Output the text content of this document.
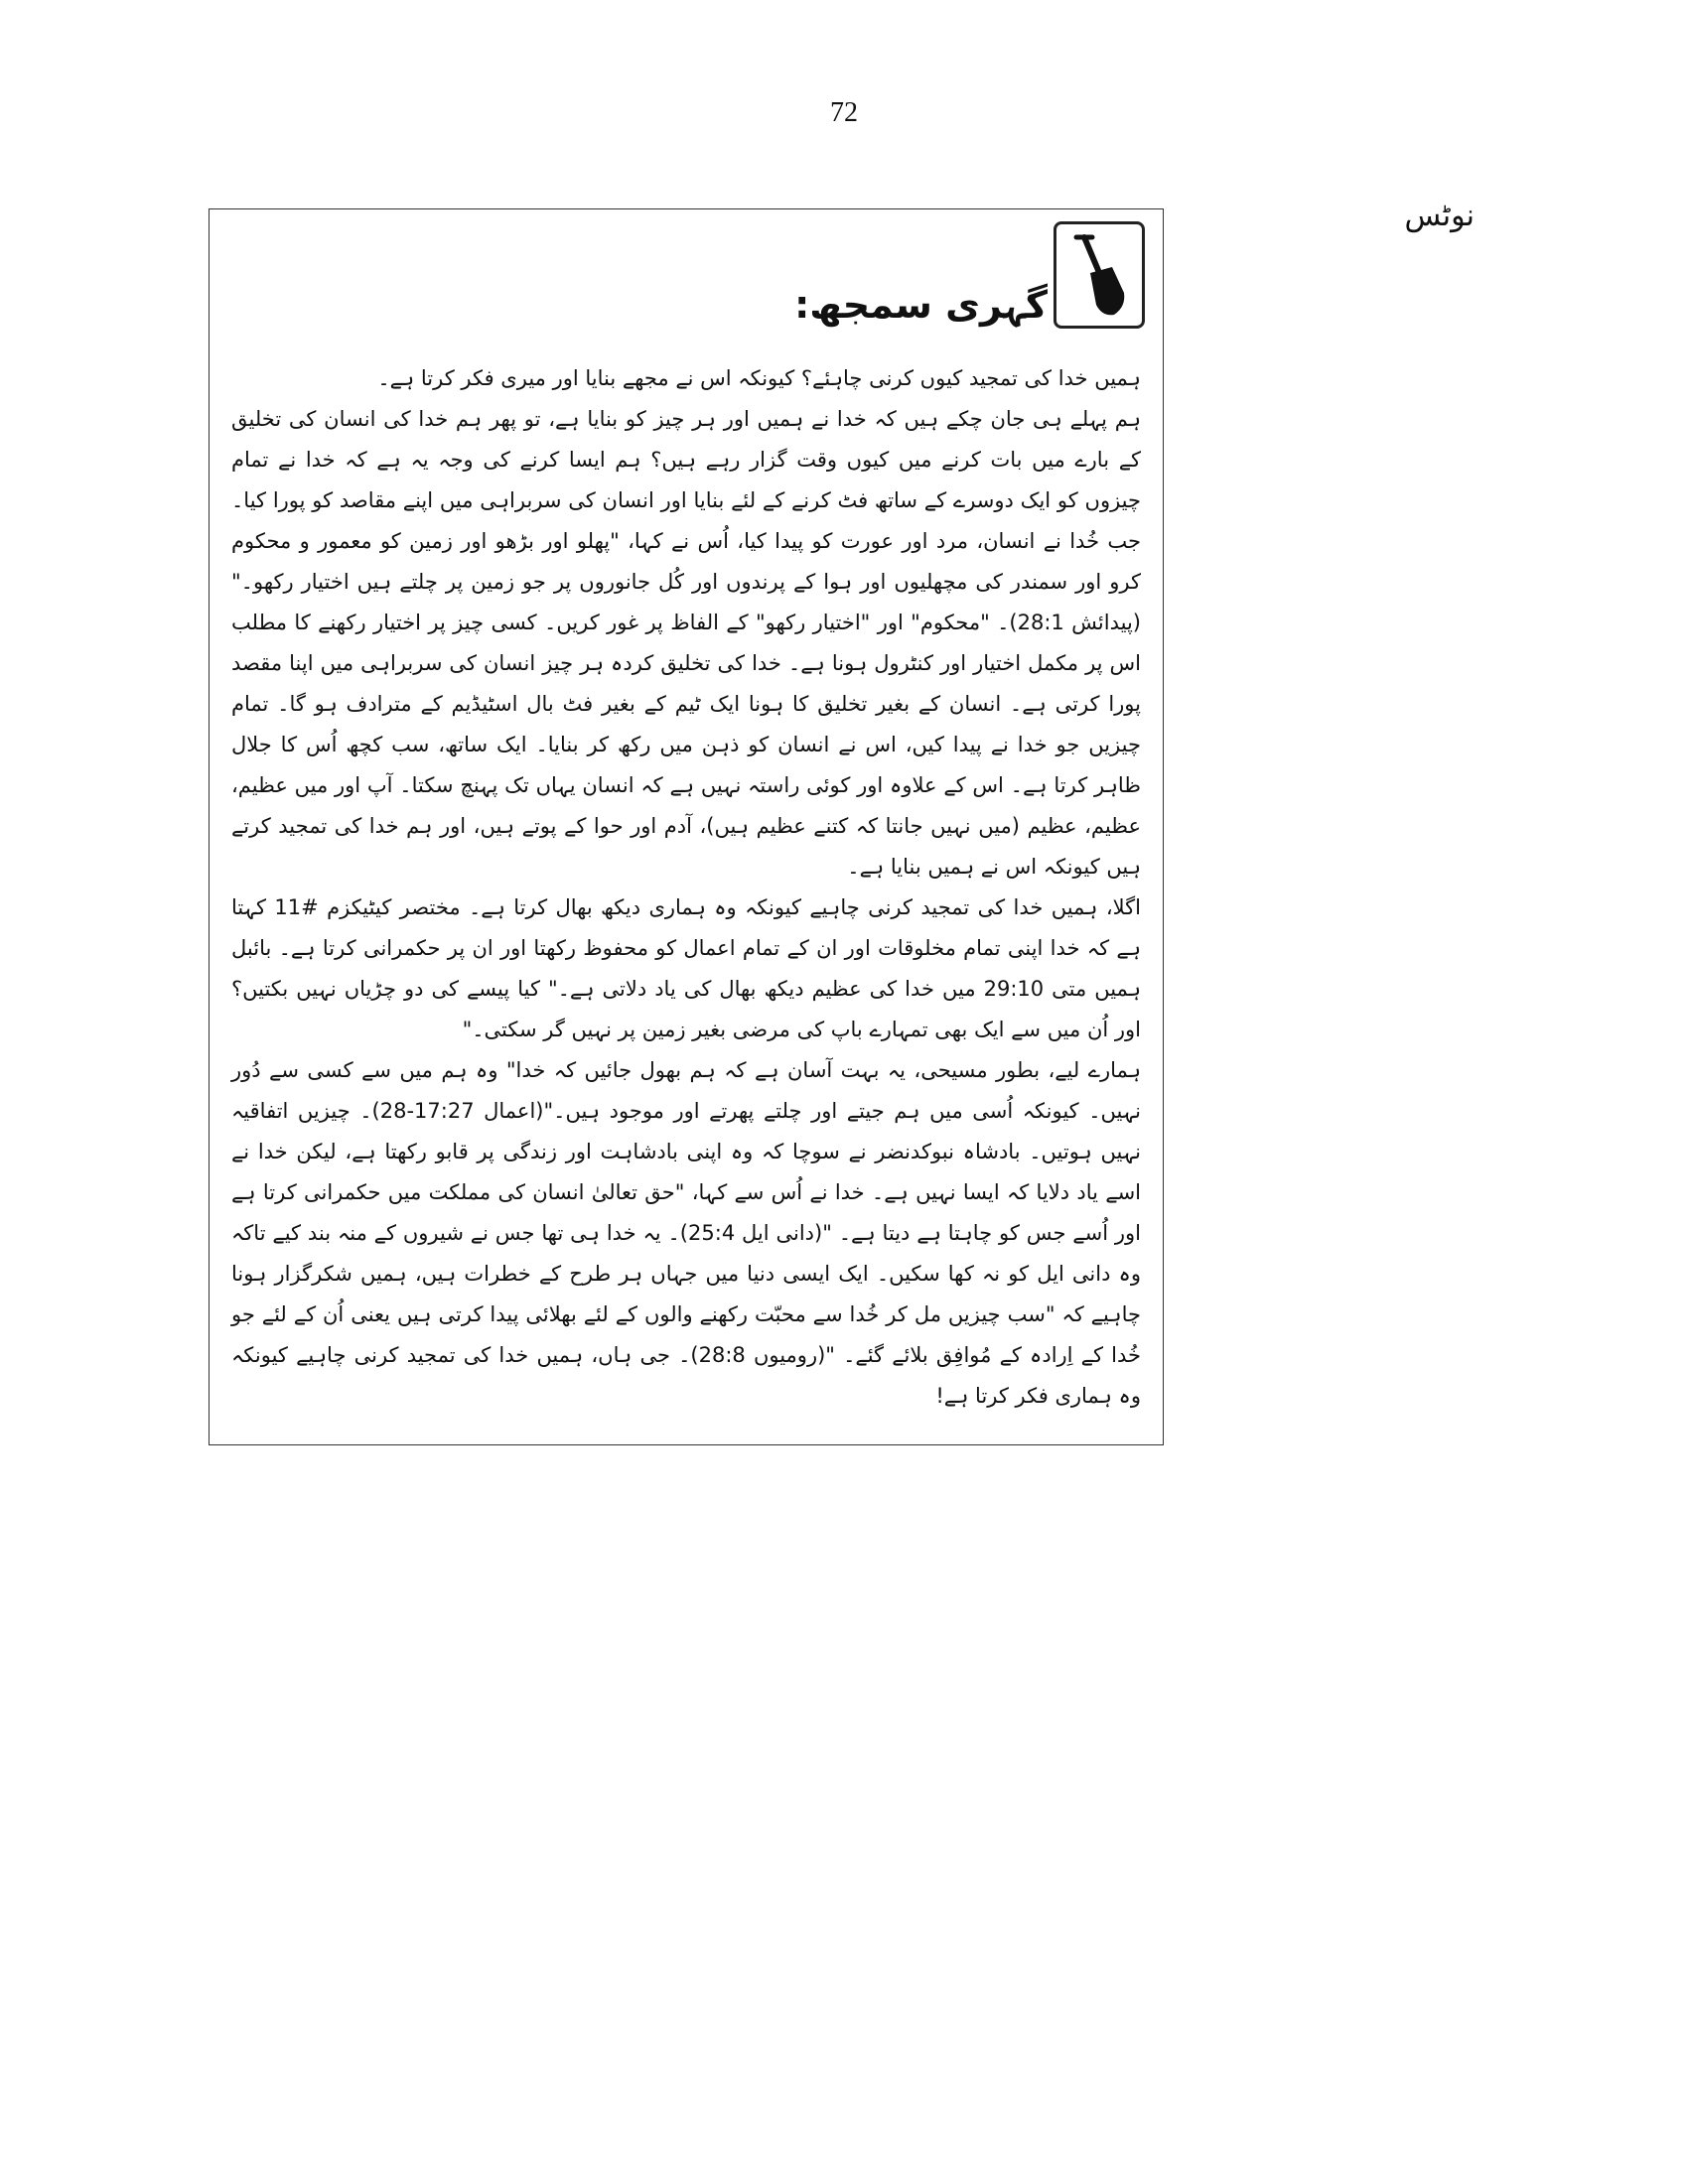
72
نوٹس
گہری سمجھ:

ہمیں خدا کی تمجید کیوں کرنی چاہئے؟ کیونکہ اس نے مجھے بنایا اور میری فکر کرتا ہے۔

ہم پہلے ہی جان چکے ہیں کہ خدا نے ہمیں اور ہر چیز کو بنایا ہے، تو پھر ہم خدا کی انسان کی تخلیق کے بارے میں بات کرنے میں کیوں وقت گزار رہے ہیں؟ ہم ایسا کرنے کی وجہ یہ ہے کہ خدا نے تمام چیزوں کو ایک دوسرے کے ساتھ فٹ کرنے کے لئے بنایا اور انسان کی سربراہی میں اپنے مقاصد کو پورا کیا۔ جب خُدا نے انسان، مرد اور عورت کو پیدا کیا، اُس نے کہا، "پھلو اور بڑھو اور زمین کو معمور و محکوم کرو اور سمندر کی مچھلیوں اور ہوا کے پرندوں اور کُل جانوروں پر جو زمین پر چلتے ہیں اختیار رکھو۔" (پیدائش 28:1)۔ "محکوم" اور "اختیار رکھو" کے الفاظ پر غور کریں۔ کسی چیز پر اختیار رکھنے کا مطلب اس پر مکمل اختیار اور کنٹرول ہونا ہے۔ خدا کی تخلیق کردہ ہر چیز انسان کی سربراہی میں اپنا مقصد پورا کرتی ہے۔ انسان کے بغیر تخلیق کا ہونا ایک ٹیم کے بغیر فٹ بال اسٹیڈیم کے مترادف ہو گا۔ تمام چیزیں جو خدا نے پیدا کیں، اس نے انسان کو ذہن میں رکھ کر بنایا۔ ایک ساتھ، سب کچھ اُس کا جلال ظاہر کرتا ہے۔ اس کے علاوہ اور کوئی راستہ نہیں ہے کہ انسان یہاں تک پہنچ سکتا۔ آپ اور میں عظیم، عظیم، عظیم (میں نہیں جانتا کہ کتنے عظیم ہیں)، آدم اور حوا کے پوتے ہیں، اور ہم خدا کی تمجید کرتے ہیں کیونکہ اس نے ہمیں بنایا ہے۔

اگلا، ہمیں خدا کی تمجید کرنی چاہیے کیونکہ وہ ہماری دیکھ بھال کرتا ہے۔ مختصر کیٹیکزم #11 کہتا ہے کہ خدا اپنی تمام مخلوقات اور ان کے تمام اعمال کو محفوظ رکھتا اور ان پر حکمرانی کرتا ہے۔ بائبل ہمیں متی 29:10 میں خدا کی عظیم دیکھ بھال کی یاد دلاتی ہے۔" کیا پیسے کی دو چڑیاں نہیں بکتیں؟ اور اُن میں سے ایک بھی تمہارے باپ کی مرضی بغیر زمین پر نہیں گر سکتی۔"

ہمارے لیے، بطور مسیحی، یہ بہت آسان ہے کہ ہم بھول جائیں کہ خدا" وہ ہم میں سے کسی سے دُور نہیں۔ کیونکہ اُسی میں ہم جیتے اور چلتے پھرتے اور موجود ہیں۔"(اعمال 17:27-28)۔ چیزیں اتفاقیہ نہیں ہوتیں۔ بادشاہ نبوکدنضر نے سوچا کہ وہ اپنی بادشاہت اور زندگی پر قابو رکھتا ہے، لیکن خدا نے اسے یاد دلایا کہ ایسا نہیں ہے۔ خدا نے اُس سے کہا، "حق تعالیٰ انسان کی مملکت میں حکمرانی کرتا ہے اور اُسے جس کو چاہتا ہے دیتا ہے۔ "(دانی ایل 25:4)۔ یہ خدا ہی تھا جس نے شیروں کے منہ بند کیے تاکہ وہ دانی ایل کو نہ کھا سکیں۔ ایک ایسی دنیا میں جہاں ہر طرح کے خطرات ہیں، ہمیں شکرگزار ہونا چاہیے کہ "سب چیزیں مل کر خُدا سے محبّت رکھنے والوں کے لئے بھلائی پیدا کرتی ہیں یعنی اُن کے لئے جو خُدا کے اِرادہ کے مُوافِق بلائے گئے۔ "(رومیوں 28:8)۔ جی ہاں، ہمیں خدا کی تمجید کرنی چاہیے کیونکہ وہ ہماری فکر کرتا ہے!
